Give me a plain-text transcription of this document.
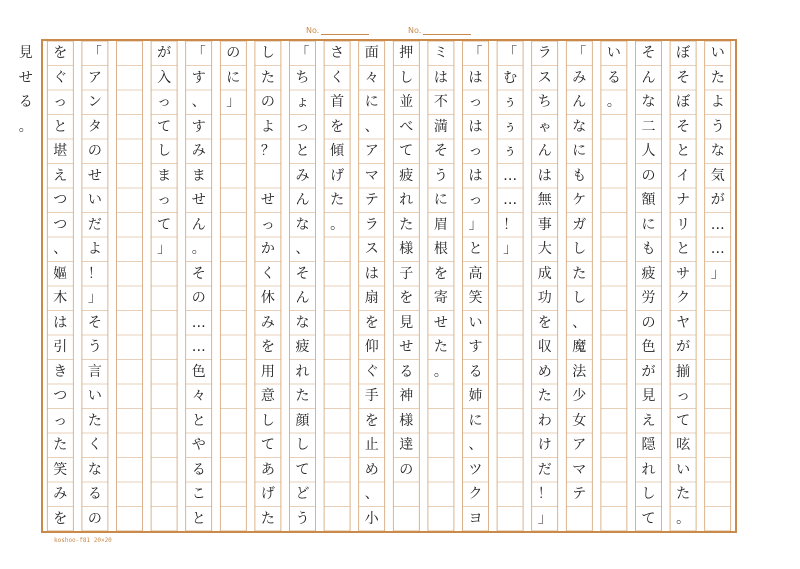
No.	No.
い
た
よ
う
な
気
が
…
…
」
ぼ
そ
ぼ
そ
と
イ
ナ
リ
と
サ
ク
ヤ
が
揃
っ
て
呟
い
た
。
そ
ん
な
二
人
の
額
に
も
疲
労
の
色
が
見
え
隠
れ
し
て
い
る
。
「
み
ん
な
に
も
ケ
ガ
し
た
し
、
魔
法
少
女
ア
マ
テ
ラ
ス
ち
ゃ
ん
は
無
事
大
成
功
を
収
め
た
わ
け
だ
！
」
「
む
ぅ
ぅ
ぅ
…
…
！
」
「
は
っ
は
っ
は
っ
」
と
高
笑
い
す
る
姉
に
、
ツ
ク
ヨ
ミ
は
不
満
そ
う
に
眉
根
を
寄
せ
た
。
押
し
並
べ
て
疲
れ
た
様
子
を
見
せ
る
神
様
達
の
面
々
に
、
ア
マ
テ
ラ
ス
は
扇
を
仰
ぐ
手
を
止
め
、
小
さ
く
首
を
傾
げ
た
。
「
ち
ょ
っ
と
み
ん
な
、
そ
ん
な
疲
れ
た
顔
し
て
ど
う
し
た
の
よ
？

せ
っ
か
く
休
み
を
用
意
し
て
あ
げ
た
の
に
」
「
す
、
す
み
ま
せ
ん
。
そ
の
…
…
色
々
と
や
る
こ
と
が
入
っ
て
し
ま
っ
て
」
「
ア
ン
タ
の
せ
い
だ
よ
！
」
そ
う
言
い
た
く
な
る
の
を
ぐ
っ
と
堪
え
つ
つ
、
嫗
木
は
引
き
つ
っ
た
笑
み
を
見
せ
る
。
koshoo-f81 20×20
